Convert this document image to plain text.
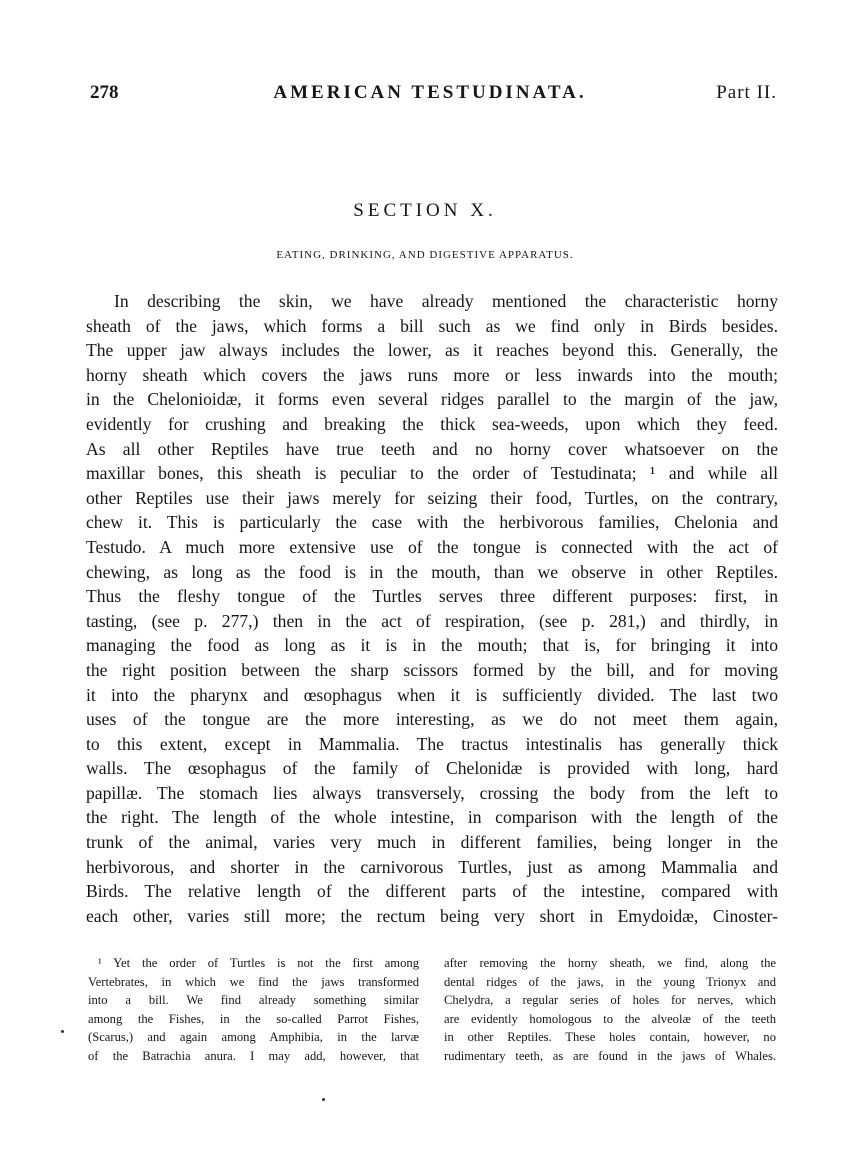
278	AMERICAN TESTUDINATA.	Part II.
SECTION X.
EATING, DRINKING, AND DIGESTIVE APPARATUS.
In describing the skin, we have already mentioned the characteristic horny
sheath of the jaws, which forms a bill such as we find only in Birds besides.
The upper jaw always includes the lower, as it reaches beyond this. Generally, the
horny sheath which covers the jaws runs more or less inwards into the mouth;
in the Chelonioidæ, it forms even several ridges parallel to the margin of the jaw,
evidently for crushing and breaking the thick sea-weeds, upon which they feed.
As all other Reptiles have true teeth and no horny cover whatsoever on the
maxillar bones, this sheath is peculiar to the order of Testudinata; ¹ and while all
other Reptiles use their jaws merely for seizing their food, Turtles, on the contrary,
chew it. This is particularly the case with the herbivorous families, Chelonia and
Testudo. A much more extensive use of the tongue is connected with the act of
chewing, as long as the food is in the mouth, than we observe in other Reptiles.
Thus the fleshy tongue of the Turtles serves three different purposes: first, in
tasting, (see p. 277,) then in the act of respiration, (see p. 281,) and thirdly, in
managing the food as long as it is in the mouth; that is, for bringing it into
the right position between the sharp scissors formed by the bill, and for moving
it into the pharynx and œsophagus when it is sufficiently divided. The last two
uses of the tongue are the more interesting, as we do not meet them again,
to this extent, except in Mammalia. The tractus intestinalis has generally thick
walls. The œsophagus of the family of Chelonidæ is provided with long, hard
papillæ. The stomach lies always transversely, crossing the body from the left to
the right. The length of the whole intestine, in comparison with the length of the
trunk of the animal, varies very much in different families, being longer in the
herbivorous, and shorter in the carnivorous Turtles, just as among Mammalia and
Birds. The relative length of the different parts of the intestine, compared with
each other, varies still more; the rectum being very short in Emydoidæ, Cinoster-
¹ Yet the order of Turtles is not the first among
Vertebrates, in which we find the jaws transformed
into a bill. We find already something similar
among the Fishes, in the so-called Parrot Fishes,
(Scarus,) and again among Amphibia, in the larvæ
of the Batrachia anura. I may add, however, that
after removing the horny sheath, we find, along the
dental ridges of the jaws, in the young Trionyx and
Chelydra, a regular series of holes for nerves, which
are evidently homologous to the alveolæ of the teeth
in other Reptiles. These holes contain, however, no
rudimentary teeth, as are found in the jaws of Whales.
